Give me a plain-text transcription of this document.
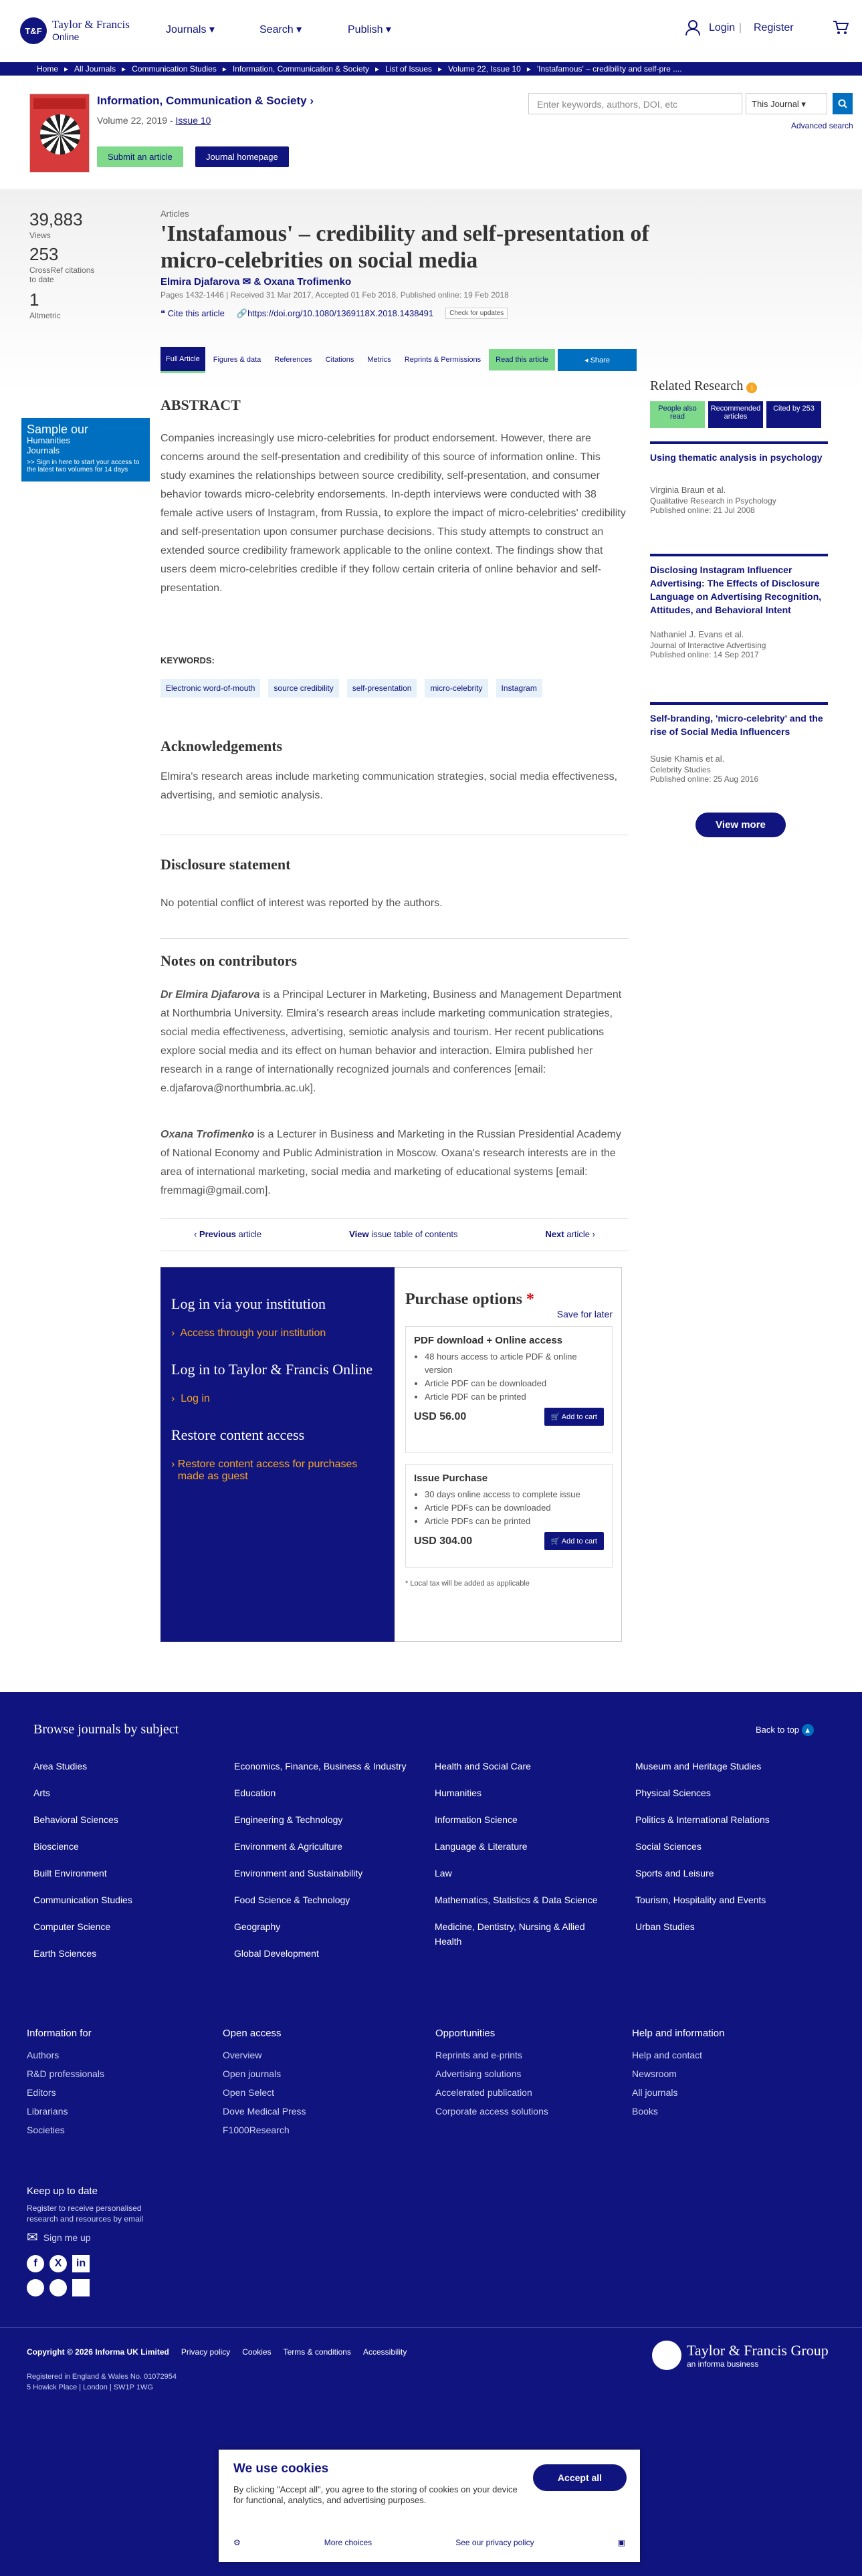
T&F Taylor & Francis
Online
Journals ▾	Search ▾	Publish ▾	Login | Register
Home ▸ All Journals ▸ Communication Studies ▸ Information, Communication & Society ▸ List of Issues ▸ Volume 22, Issue 10 ▸ 'Instafamous' – credibility and self-pre ....
Information, Communication & Society ›
Volume 22, 2019 - Issue 10
Submit an article	Journal homepage
Enter keywords, authors, DOI, etc	This Journal ▾
Advanced search
39,883
Views
253
CrossRef citations to date
1
Altmetric
Articles
'Instafamous' – credibility and self-presentation of micro-celebrities on social media
Elmira Djafarova ✉ & Oxana Trofimenko
Pages 1432-1446 | Received 31 Mar 2017, Accepted 01 Feb 2018, Published online: 19 Feb 2018
❝ Cite this article 🔗https://doi.org/10.1080/1369118X.2018.1438491	Check for updates
Full Article	Figures & data	References	Citations	Metrics	Reprints & Permissions	Read this article	◂ Share
Sample our

Humanities

Journals

>> Sign in here to start your access to the latest two volumes for 14 days
ABSTRACT

Companies increasingly use micro-celebrities for product endorsement. However, there are concerns around the self-presentation and credibility of this source of information online. This study examines the relationships between source credibility, self-presentation, and consumer behavior towards micro-celebrity endorsements. In-depth interviews were conducted with 38 female active users of Instagram, from Russia, to explore the impact of micro-celebrities' credibility and self-presentation upon consumer purchase decisions. This study attempts to construct an extended source credibility framework applicable to the online context. The findings show that users deem micro-celebrities credible if they follow certain criteria of online behavior and self-presentation.

KEYWORDS:
Electronic word-of-mouth source credibility self-presentation micro-celebrity Instagram
Acknowledgements

Elmira's research areas include marketing communication strategies, social media effectiveness, advertising, and semiotic analysis.

Disclosure statement

No potential conflict of interest was reported by the authors.

Notes on contributors

Dr Elmira Djafarova is a Principal Lecturer in Marketing, Business and Management Department at Northumbria University. Elmira's research areas include marketing communication strategies, social media effectiveness, advertising, semiotic analysis and tourism. Her recent publications explore social media and its effect on human behavior and interaction. Elmira published her research in a range of internationally recognized journals and conferences [email: e.djafarova@northumbria.ac.uk].

Oxana Trofimenko is a Lecturer in Business and Marketing in the Russian Presidential Academy of National Economy and Public Administration in Moscow. Oxana's research interests are in the area of international marketing, social media and marketing of educational systems [email: fremmagi@gmail.com].

‹ Previous article	View issue table of contents	Next article ›
Related Research i
People also read
Recommended articles
Cited by 253
Using thematic analysis in psychology

Virginia Braun et al.

Qualitative Research in Psychology
Published online: 21 Jul 2008
Disclosing Instagram Influencer Advertising: The Effects of Disclosure Language on Advertising Recognition, Attitudes, and Behavioral Intent

Nathaniel J. Evans et al.

Journal of Interactive Advertising
Published online: 14 Sep 2017
Self-branding, 'micro-celebrity' and the rise of Social Media Influencers

Susie Khamis et al.

Celebrity Studies
Published online: 25 Aug 2016
View more
Log in via your institution
›  Access through your institution
Log in to Taylor & Francis Online
›  Log in
Restore content access
› Restore content access for purchases made as guest
Purchase options *
Save for later
PDF download + Online access
• 48 hours access to article PDF & online version
• Article PDF can be downloaded
• Article PDF can be printed
USD 56.00	🛒 Add to cart
Issue Purchase
• 30 days online access to complete issue
• Article PDFs can be downloaded
• Article PDFs can be printed
USD 304.00	🛒 Add to cart
* Local tax will be added as applicable
Browse journals by subject	Back to top ▴
Area Studies
Arts
Behavioral Sciences
Bioscience
Built Environment
Communication Studies
Computer Science
Earth Sciences
Economics, Finance, Business & Industry
Education
Engineering & Technology
Environment & Agriculture
Environment and Sustainability
Food Science & Technology
Geography
Global Development
Health and Social Care
Humanities
Information Science
Language & Literature
Law
Mathematics, Statistics & Data Science
Medicine, Dentistry, Nursing & Allied Health
Museum and Heritage Studies
Physical Sciences
Politics & International Relations
Social Sciences
Sports and Leisure
Tourism, Hospitality and Events
Urban Studies
Information for
Authors
R&D professionals
Editors
Librarians
Societies
Open access
Overview
Open journals
Open Select
Dove Medical Press
F1000Research
Opportunities
Reprints and e-prints
Advertising solutions
Accelerated publication
Corporate access solutions
Help and information
Help and contact
Newsroom
All journals
Books
Keep up to date
Register to receive personalised research and resources by email
✉ Sign me up
f	X	in
Copyright © 2026 Informa UK Limited Privacy policy Cookies Terms & conditions Accessibility
Registered in England & Wales No. 01072954
5 Howick Place | London | SW1P 1WG
Taylor & Francis Group
an informa business
We use cookies

By clicking "Accept all", you agree to the storing of cookies on your device for functional, analytics, and advertising purposes.

Accept all
⚙	More choices	See our privacy policy	▣
